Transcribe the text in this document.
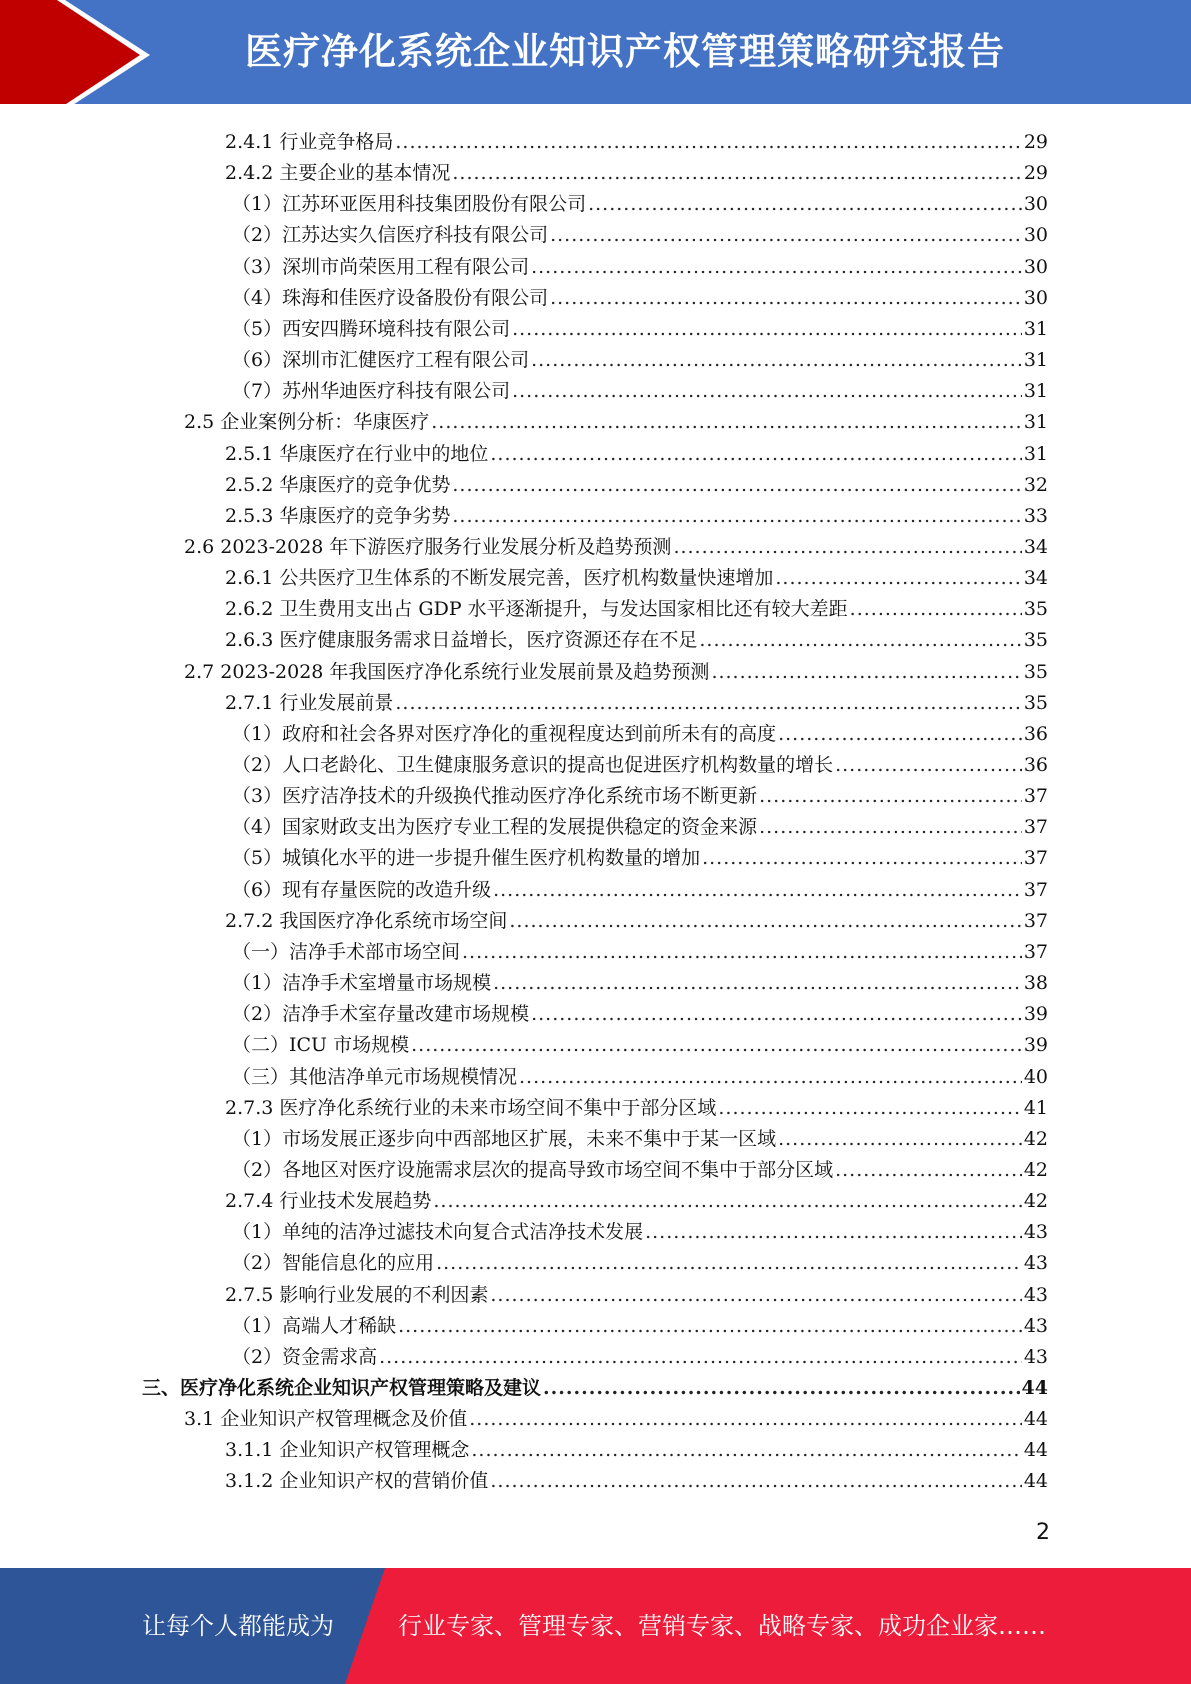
医疗净化系统企业知识产权管理策略研究报告
2.4.1 行业竞争格局 .....	29
2.4.2 主要企业的基本情况 .....	29
（1）江苏环亚医用科技集团股份有限公司 .....	30
（2）江苏达实久信医疗科技有限公司 .....	30
（3）深圳市尚荣医用工程有限公司 .....	30
（4）珠海和佳医疗设备股份有限公司 .....	30
（5）西安四腾环境科技有限公司 .....	31
（6）深圳市汇健医疗工程有限公司 .....	31
（7）苏州华迪医疗科技有限公司 .....	31
2.5 企业案例分析：华康医疗 .....	31
2.5.1 华康医疗在行业中的地位 .....	31
2.5.2 华康医疗的竞争优势 .....	32
2.5.3 华康医疗的竞争劣势 .....	33
2.6 2023-2028 年下游医疗服务行业发展分析及趋势预测 .....	34
2.6.1 公共医疗卫生体系的不断发展完善，医疗机构数量快速增加 .....	34
2.6.2 卫生费用支出占 GDP 水平逐渐提升，与发达国家相比还有较大差距 .....	35
2.6.3 医疗健康服务需求日益增长，医疗资源还存在不足 .....	35
2.7 2023-2028 年我国医疗净化系统行业发展前景及趋势预测 .....	35
2.7.1 行业发展前景 .....	35
（1）政府和社会各界对医疗净化的重视程度达到前所未有的高度 .....	36
（2）人口老龄化、卫生健康服务意识的提高也促进医疗机构数量的增长 .....	36
（3）医疗洁净技术的升级换代推动医疗净化系统市场不断更新 .....	37
（4）国家财政支出为医疗专业工程的发展提供稳定的资金来源 .....	37
（5）城镇化水平的进一步提升催生医疗机构数量的增加 .....	37
（6）现有存量医院的改造升级 .....	37
2.7.2 我国医疗净化系统市场空间 .....	37
（一）洁净手术部市场空间 .....	37
（1）洁净手术室增量市场规模 .....	38
（2）洁净手术室存量改建市场规模 .....	39
（二）ICU 市场规模 .....	39
（三）其他洁净单元市场规模情况 .....	40
2.7.3 医疗净化系统行业的未来市场空间不集中于部分区域 .....	41
（1）市场发展正逐步向中西部地区扩展，未来不集中于某一区域 .....	42
（2）各地区对医疗设施需求层次的提高导致市场空间不集中于部分区域 .....	42
2.7.4 行业技术发展趋势 .....	42
（1）单纯的洁净过滤技术向复合式洁净技术发展 .....	43
（2）智能信息化的应用 .....	43
2.7.5 影响行业发展的不利因素 .....	43
（1）高端人才稀缺 .....	43
（2）资金需求高 .....	43
三、医疗净化系统企业知识产权管理策略及建议 .....	44
3.1 企业知识产权管理概念及价值 .....	44
3.1.1 企业知识产权管理概念 .....	44
3.1.2 企业知识产权的营销价值 .....	44
2
让每个人都能成为	行业专家、管理专家、营销专家、战略专家、成功企业家……
